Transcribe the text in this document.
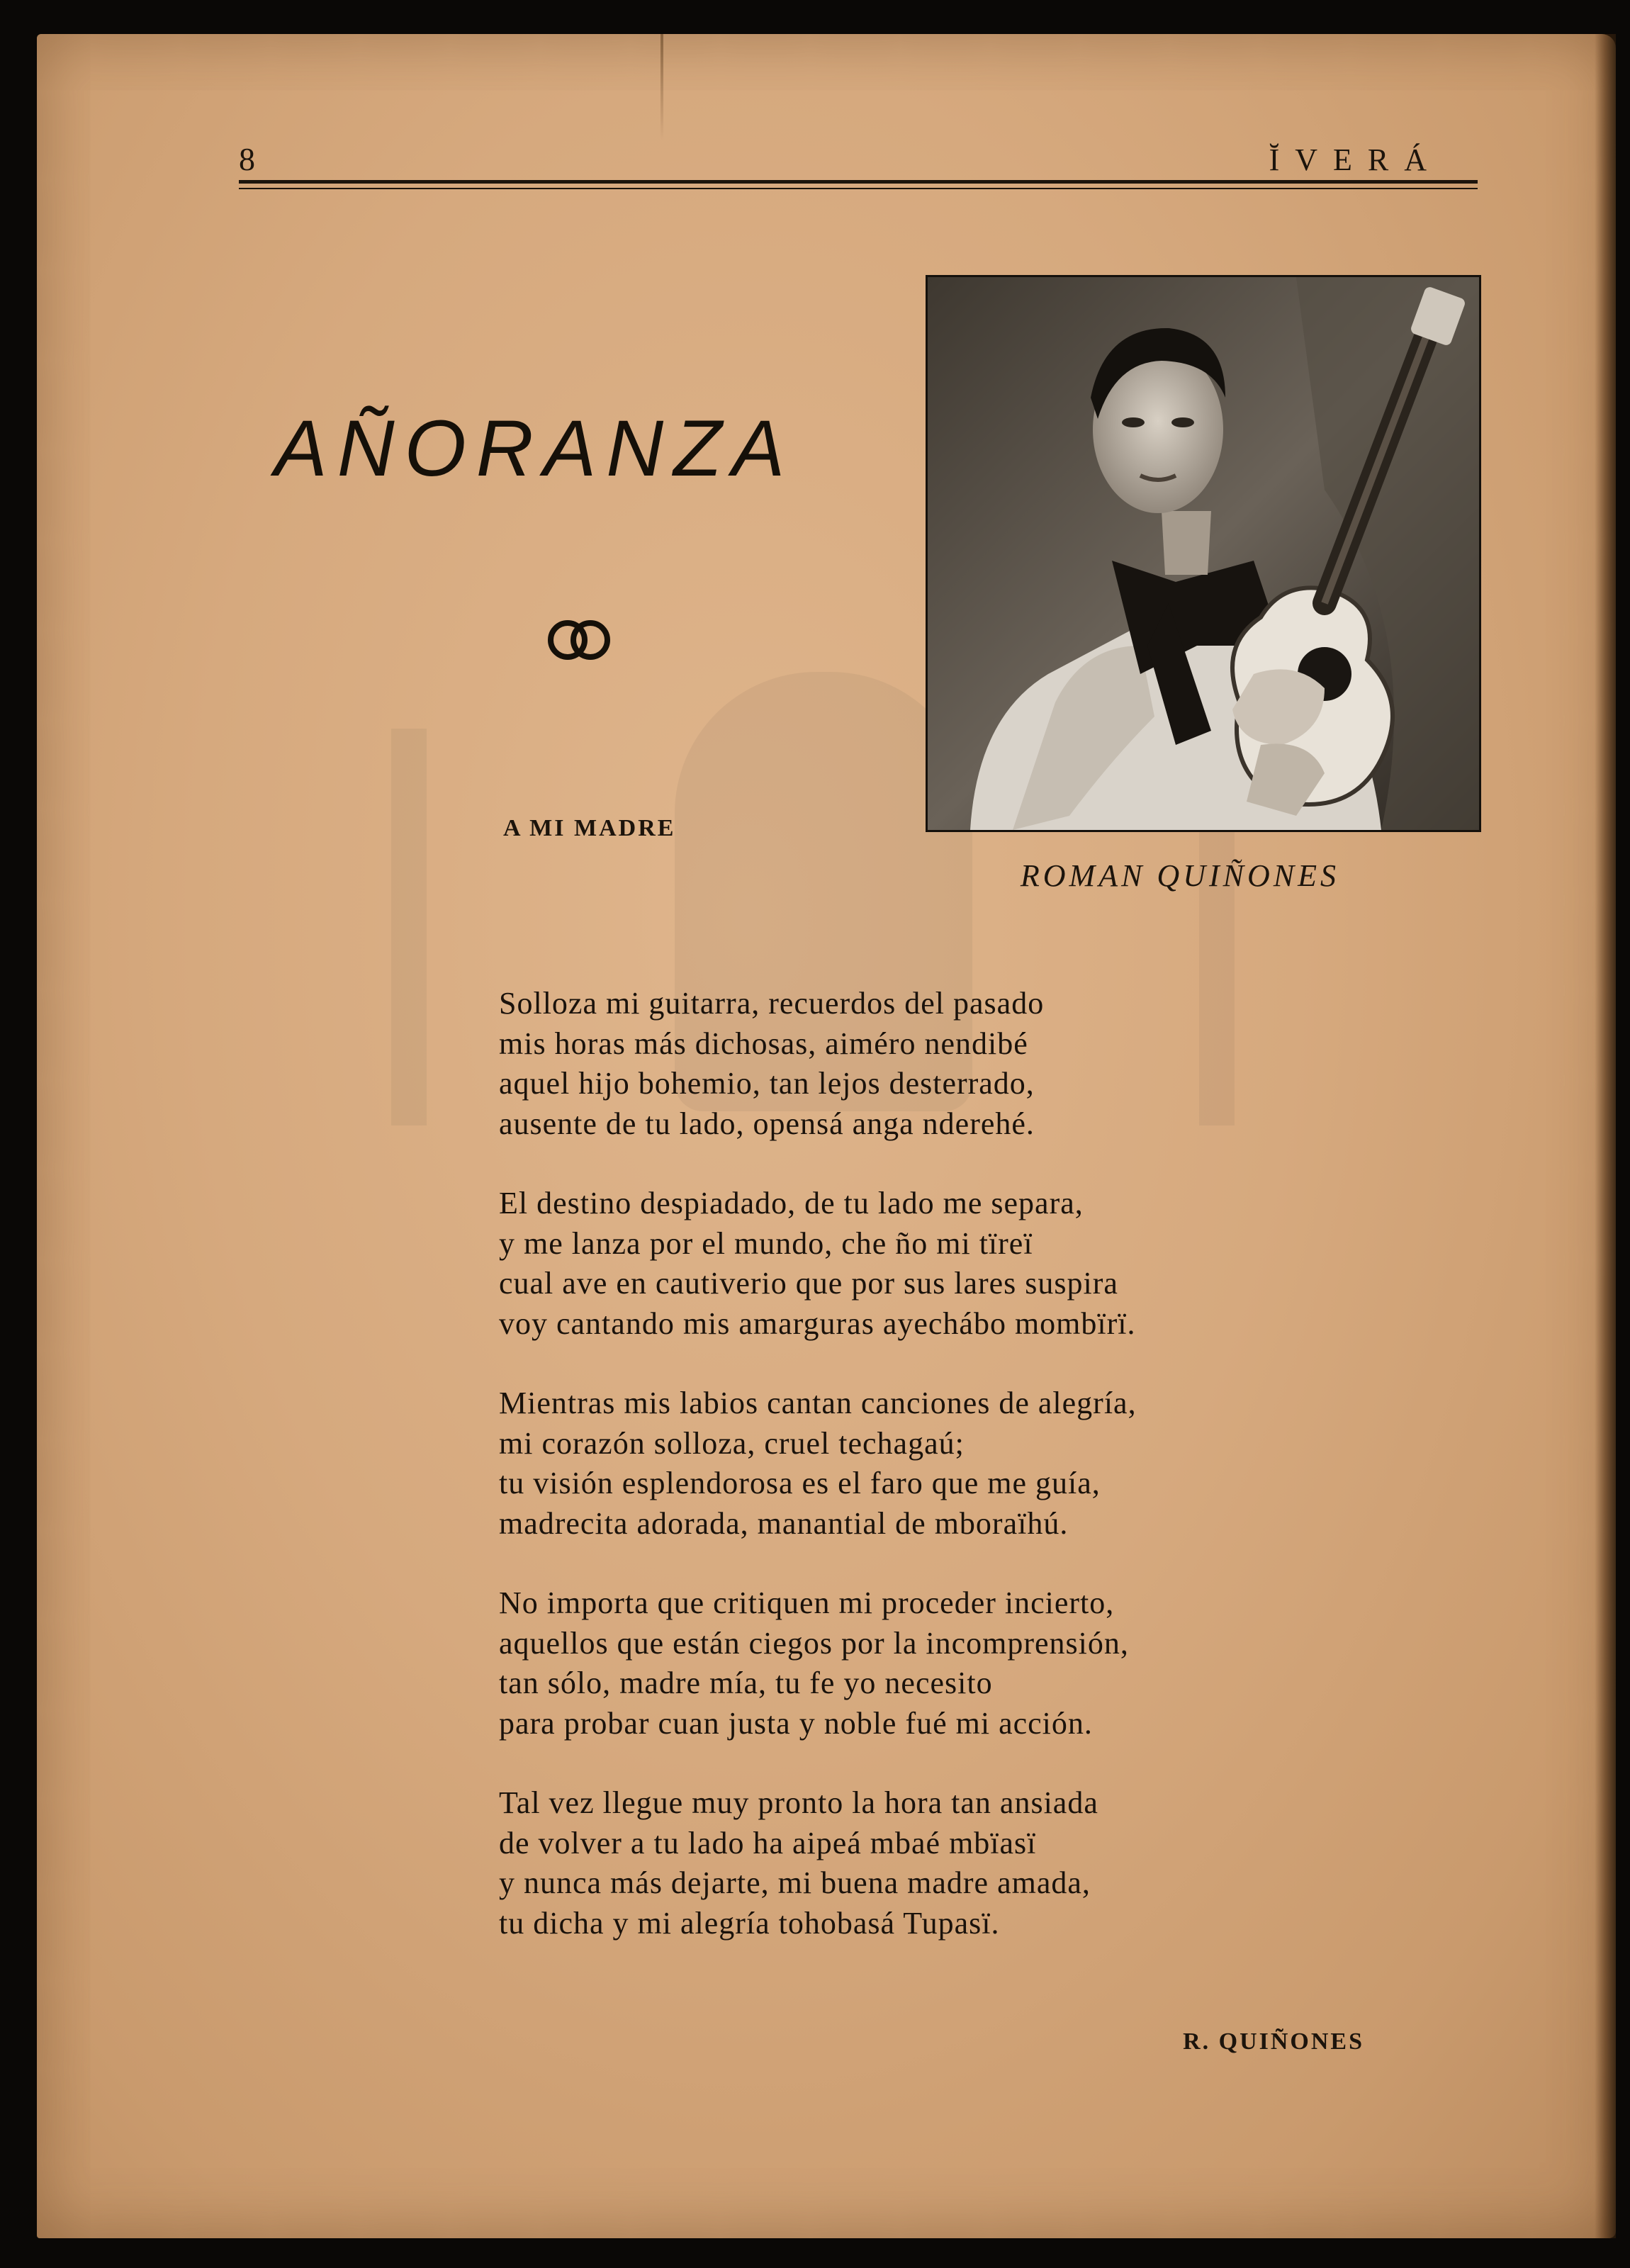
8	ĬVERÁ
AÑORANZA
A MI MADRE
ROMAN QUIÑONES
Solloza mi guitarra, recuerdos del pasado
mis horas más dichosas, aiméro nendibé
aquel hijo bohemio, tan lejos desterrado,
ausente de tu lado, opensá anga nderehé.
El destino despiadado, de tu lado me separa,
y me lanza por el mundo, che ño mi tïreï
cual ave en cautiverio que por sus lares suspira
voy cantando mis amarguras ayechábo mombïrï.
Mientras mis labios cantan canciones de alegría,
mi corazón solloza, cruel techagaú;
tu visión esplendorosa es el faro que me guía,
madrecita adorada, manantial de mboraïhú.
No importa que critiquen mi proceder incierto,
aquellos que están ciegos por la incomprensión,
tan sólo, madre mía, tu fe yo necesito
para probar cuan justa y noble fué mi acción.
Tal vez llegue muy pronto la hora tan ansiada
de volver a tu lado ha aipeá mbaé mbïasï
y nunca más dejarte, mi buena madre amada,
tu dicha y mi alegría tohobasá Tupasï.
R. QUIÑONES
